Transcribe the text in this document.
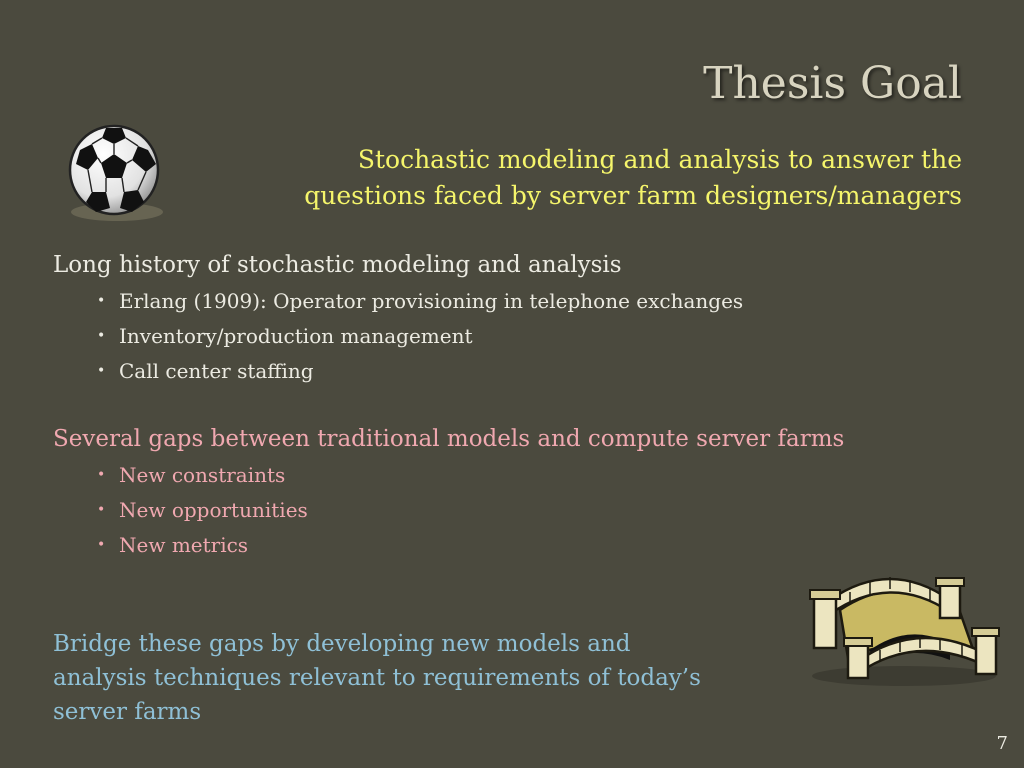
Thesis Goal
Stochastic modeling and analysis to answer the
questions faced by server farm designers/managers

Long history of stochastic modeling and analysis

• Erlang (1909): Operator provisioning in telephone exchanges
• Inventory/production management
• Call center staffing

Several gaps between traditional models and compute server farms

• New constraints
• New opportunities
• New metrics
Bridge these gaps by developing new models and
analysis techniques relevant to requirements of today’s
server farms
7
